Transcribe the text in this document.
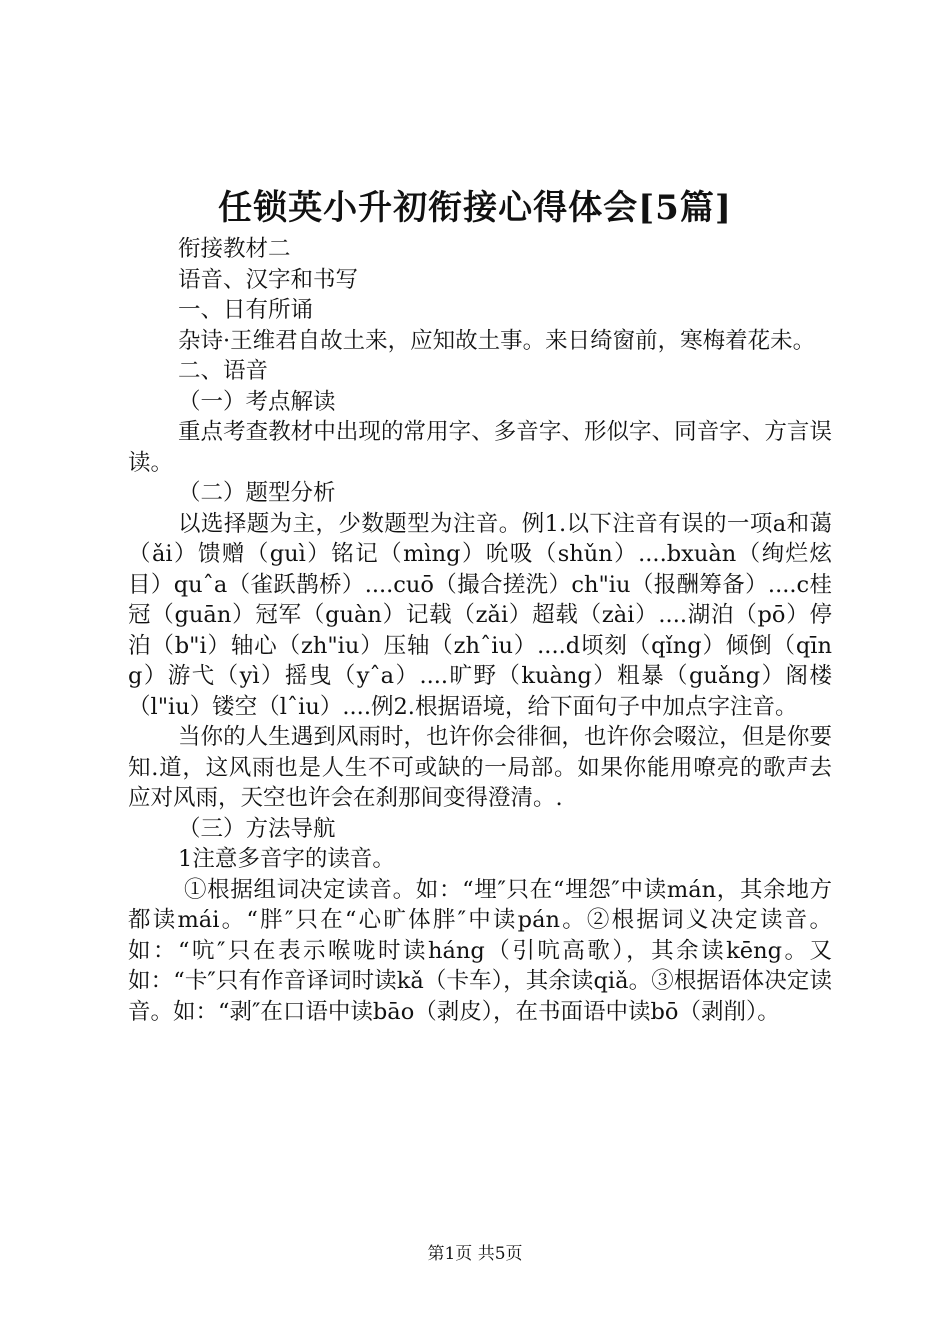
任锁英小升初衔接心得体会[5篇]

衔接教材二

语音、汉字和书写

一、日有所诵

杂诗·王维君自故土来，应知故土事。来日绮窗前，寒梅着花未。

二、语音

（一）考点解读

重点考查教材中出现的常用字、多音字、形似字、同音字、方言误读。

（二）题型分析

以选择题为主，少数题型为注音。例1.以下注音有误的一项a和蔼（ǎi）馈赠（guì）铭记（mìng）吮吸（shǔn）....bxuàn（绚烂炫目）quˆa（雀跃鹊桥）....cuō（撮合搓洗）ch"iu（报酬筹备）....c桂冠（guān）冠军（guàn）记载（zǎi）超载（zài）....湖泊（pō）停泊（b"i）轴心（zh"iu）压轴（zhˆiu）....d顷刻（qǐng）倾倒（qīng）游弋（yì）摇曳（yˆa）....旷野（kuàng）粗暴（guǎng）阁楼（l"iu）镂空（lˆiu）....例2.根据语境，给下面句子中加点字注音。

当你的人生遇到风雨时，也许你会徘徊，也许你会啜泣，但是你要知.道，这风雨也是人生不可或缺的一局部。如果你能用嘹亮的歌声去应对风雨，天空也许会在刹那间变得澄清。.

（三）方法导航

1注意多音字的读音。

①根据组词决定读音。如：“埋″只在“埋怨″中读mán，其余地方都读mái。“胖″只在“心旷体胖″中读pán。②根据词义决定读音。如：“吭″只在表示喉咙时读háng（引吭高歌），其余读kēng。又如：“卡″只有作音译词时读kǎ（卡车），其余读qiǎ。③根据语体决定读音。如：“剥″在口语中读bāo（剥皮），在书面语中读bō（剥削）。

第1页 共5页
